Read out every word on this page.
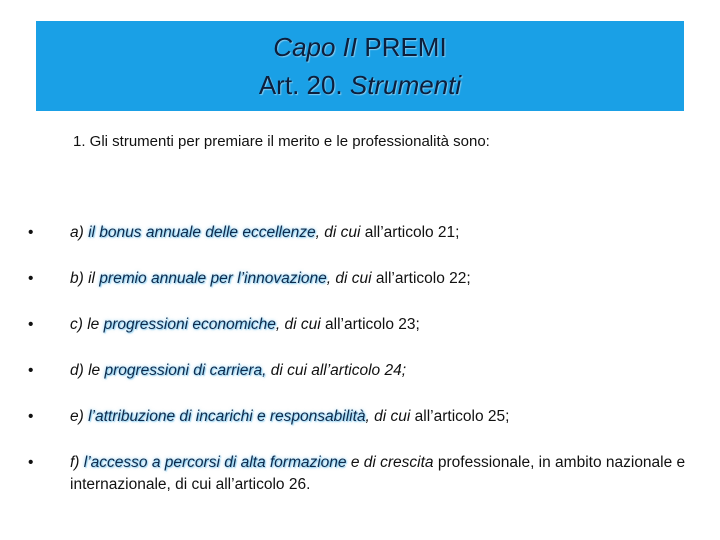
Capo II PREMI
Art. 20. Strumenti
1. Gli strumenti per premiare il merito e le professionalità sono:
• a) il bonus annuale delle eccellenze, di cui all’articolo 21;
• b) il premio annuale per l’innovazione, di cui all’articolo 22;
• c) le progressioni economiche, di cui all’articolo 23;
• d) le progressioni di carriera, di cui all’articolo 24;
• e) l’attribuzione di incarichi e responsabilità, di cui all’articolo 25;
• f) l’accesso a percorsi di alta formazione e di crescita professionale, in ambito nazionale e internazionale, di cui all’articolo 26.
